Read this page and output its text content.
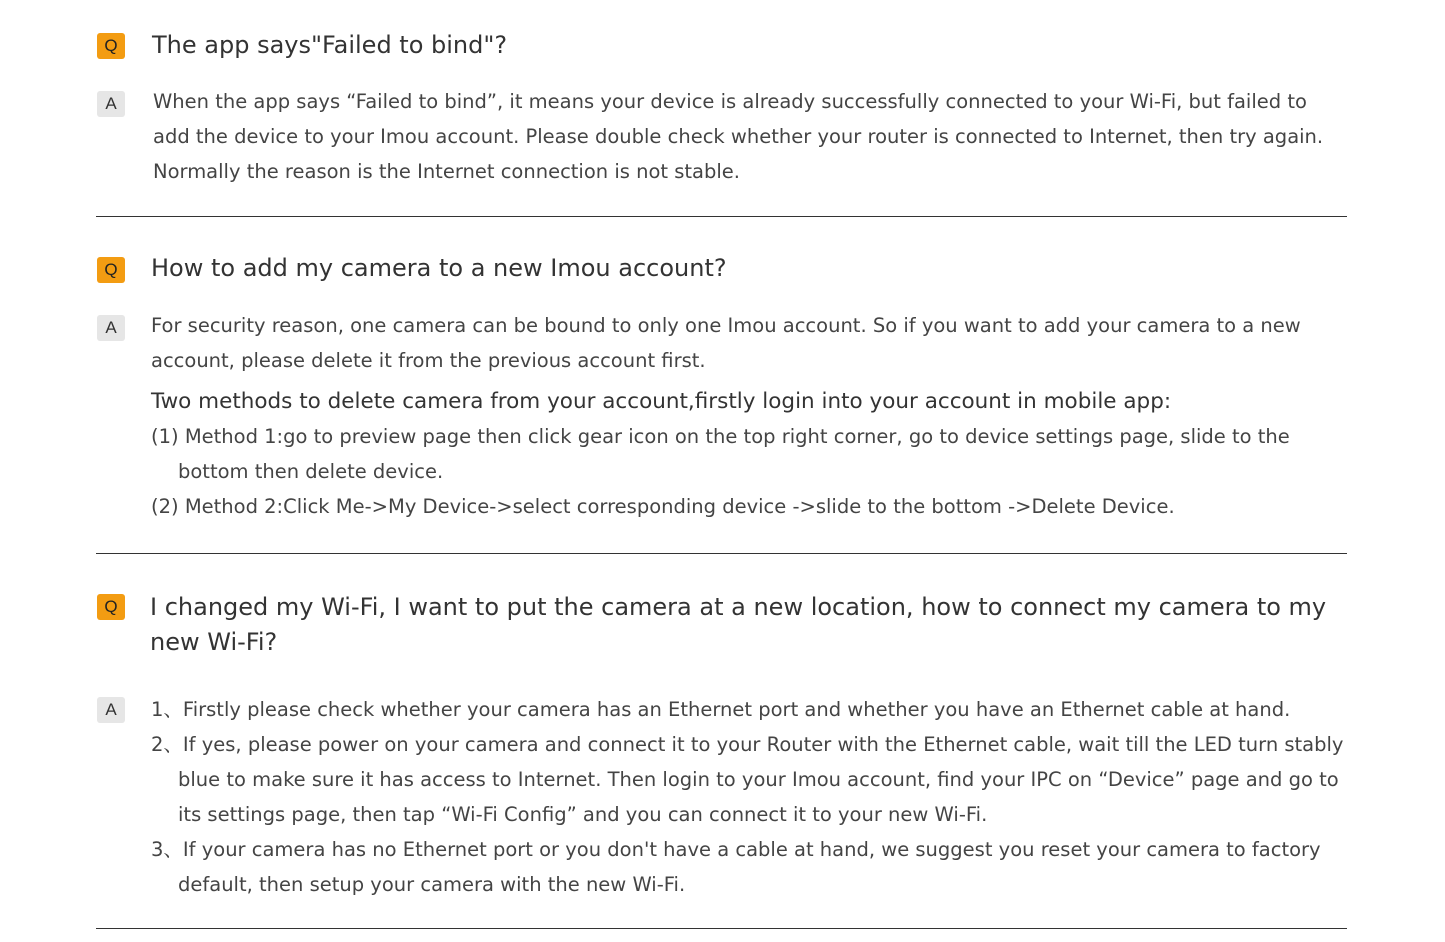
Q	The app says"Failed to bind"?
A	When the app says “Failed to bind”, it means your device is already successfully connected to your Wi-Fi, but failed to add the device to your Imou account. Please double check whether your router is connected to Internet, then try again. Normally the reason is the Internet connection is not stable.

Q	How to add my camera to a new Imou account?
A	For security reason, one camera can be bound to only one Imou account. So if you want to add your camera to a new account, please delete it from the previous account first.

Two methods to delete camera from your account,firstly login into your account in mobile app:

(1) Method 1:go to preview page then click gear icon on the top right corner, go to device settings page, slide to the bottom then delete device.

(2) Method 2:Click Me->My Device->select corresponding device ->slide to the bottom ->Delete Device.

Q	I changed my Wi-Fi, I want to put the camera at a new location, how to connect my camera to my new Wi-Fi?
A	1、Firstly please check whether your camera has an Ethernet port and whether you have an Ethernet cable at hand.

2、If yes, please power on your camera and connect it to your Router with the Ethernet cable, wait till the LED turn stably blue to make sure it has access to Internet. Then login to your Imou account, find your IPC on “Device” page and go to its settings page, then tap “Wi-Fi Config” and you can connect it to your new Wi-Fi.

3、If your camera has no Ethernet port or you don't have a cable at hand, we suggest you reset your camera to factory default, then setup your camera with the new Wi-Fi.
